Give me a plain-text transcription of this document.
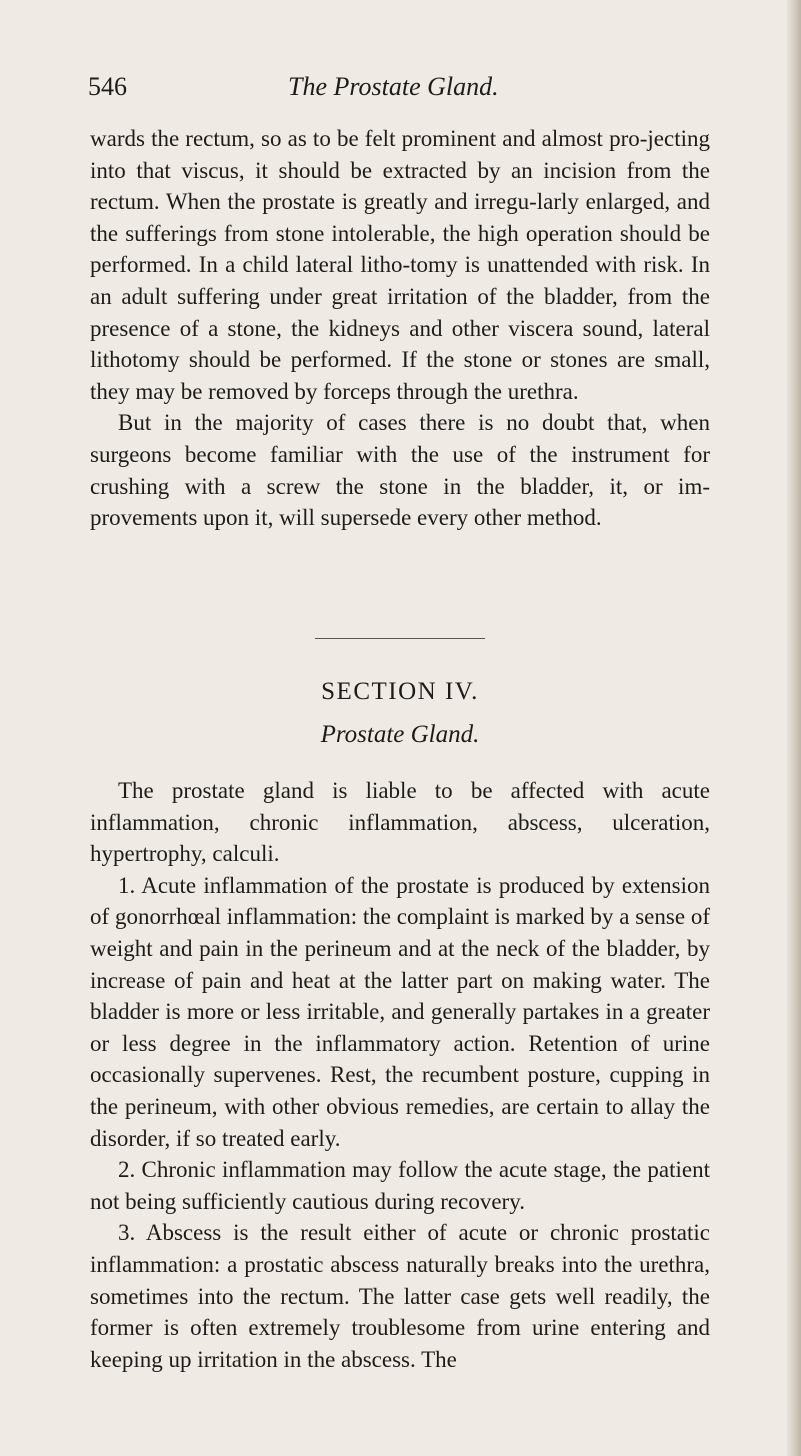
546	The Prostate Gland.

wards the rectum, so as to be felt prominent and almost pro-jecting into that viscus, it should be extracted by an incision from the rectum. When the prostate is greatly and irregu-larly enlarged, and the sufferings from stone intolerable, the high operation should be performed. In a child lateral litho-tomy is unattended with risk. In an adult suffering under great irritation of the bladder, from the presence of a stone, the kidneys and other viscera sound, lateral lithotomy should be performed. If the stone or stones are small, they may be removed by forceps through the urethra.

But in the majority of cases there is no doubt that, when surgeons become familiar with the use of the instrument for crushing with a screw the stone in the bladder, it, or im-provements upon it, will supersede every other method.

SECTION IV.
Prostate Gland.

The prostate gland is liable to be affected with acute inflammation, chronic inflammation, abscess, ulceration, hypertrophy, calculi.

1. Acute inflammation of the prostate is produced by extension of gonorrhœal inflammation: the complaint is marked by a sense of weight and pain in the perineum and at the neck of the bladder, by increase of pain and heat at the latter part on making water. The bladder is more or less irritable, and generally partakes in a greater or less degree in the inflammatory action. Retention of urine occasionally supervenes. Rest, the recumbent posture, cupping in the perineum, with other obvious remedies, are certain to allay the disorder, if so treated early.

2. Chronic inflammation may follow the acute stage, the patient not being sufficiently cautious during recovery.

3. Abscess is the result either of acute or chronic prostatic inflammation: a prostatic abscess naturally breaks into the urethra, sometimes into the rectum. The latter case gets well readily, the former is often extremely troublesome from urine entering and keeping up irritation in the abscess. The
